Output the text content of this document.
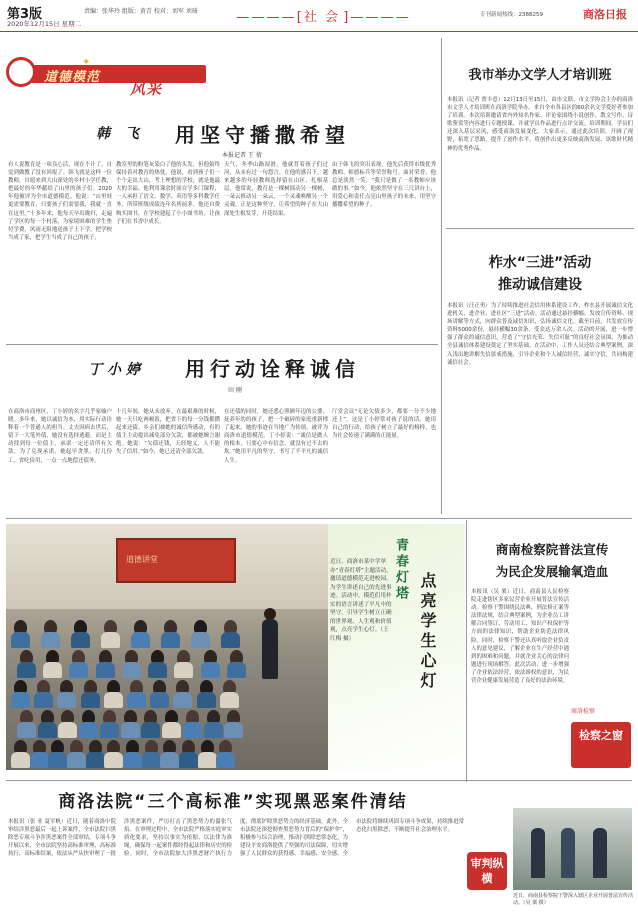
第3版
2020年12月15日 星期二
责编：张华玲 组版：黄青 校对：刘军 刘琦	— — — — [ 社 会 ] — — — —	专刊新闻热线：2388259	商洛日报
道德模范
✦
风采
韩 飞 用坚守播撒希望
本报记者 王 倩
有人说教育是一项良心活，现在不计了，自觉到做教了没有回报了。韩飞就是这样一位教师，自愿来到大山深处的乡村小学任教，把最好的年华献给了山里的孩子们。2020年他被评为全市道德模范。他说：“山里娃更需要教育，只要孩子们需要我，我就一直在这里。”十多年来，他每天早出晚归，走遍了学区的每一个村落，为家境困难的学生垫付学费，风雨无阻地送孩子上下学，把学校当成了家，把学生当成了自己的孩子。
教室里的粉笔灰染白了他的头发，但他始终保持着对教育的热忱。他说，看到孩子们一个个走出大山，考上理想的学校，就是他最大的幸福。他利用课余时间自学多门课程，一人承担了语文、数学、英语等多科教学任务，所带班级成绩连年名列前茅。他还自费购买图书，在学校建起了小小图书角，让孩子们在书香中成长。
天气，冬季山路湿滑，他就背着孩子们过河，从未有过一句怨言。在他的感召下，越来越多的年轻教师选择留在山区，扎根基层。他常说，教育是一棵树摇动另一棵树，一朵云推动另一朵云，一个灵魂唤醒另一个灵魂。正是这种坚守，让希望的种子在大山深处生根发芽，开花结果。
由于韩飞的突出表现，他先后获得市级优秀教师、师德标兵等荣誉称号。面对荣誉，他总是淡然一笑：“我只是做了一名教师应该做的事。”如今，他依然坚守在三尺讲台上，用爱心和责任点亮山里孩子的未来，用坚守播撒希望的种子。
丁小婷 用行动诠释诚信
田 刚
在商洛市商州区，丁小婷的名字几乎家喻户晓。多年来，她以诚信为本，用实际行动诠释着一个普通人的担当。丈夫因病去世后，留下一大笔外债，她没有选择逃避，而是主动找到每一位债主，承诺一定还清所有欠款。为了兑现承诺，她起早贪黑，打几份工，省吃俭用，一点一点地偿还债务。
十几年间，她从未放弃。在最艰难的时候，她一天只吃两顿饭，把省下的每一分钱都攒起来还债。乡亲们被她的诚信所感动，有的债主主动提出减免部分欠款，都被她婉言谢绝。她说：“欠债还钱，天经地义，人不能失了信用。”如今，她已还清全部欠款。
在还债的同时，她还悉心照顾年迈的公婆，抚养年幼的孩子，把一个破碎的家庭重新撑了起来。她的事迹在当地广为传颂，被评为商洛市道德模范。丁小婷说：“诚信是做人的根本，只要心中有信念，就没有过不去的坎。”她用平凡的坚守，书写了不平凡的诚信人生。
厅堂会议“无论欠债多少，都要一分不少地还上”，这是丁小婷常对孩子说的话。她用自己的行动，给孩子树立了最好的榜样，也为社会传递了满满的正能量。
我市举办文学人才培训班
本报讯（记者 贾丰意）12月13日至15日，由市文联、市文学协会主办的商洛市文学人才培训班在商洛学院举办。来自全市各县区的60余名文学爱好者参加了培训。本次培训邀请省内外知名作家、评论家围绕小说创作、散文写作、诗歌鉴赏等内容进行专题授课，并就学员作品进行点评交流。培训期间，学员们还深入基层采风，感受商洛发展变化。大家表示，通过此次培训，开阔了视野，拓宽了思路，提升了创作水平，将创作出更多反映商洛发展、讴歌时代精神的优秀作品。
柞水“三进”活动
推动诚信建设
本报讯（汪正勇）为了持续推进社会信用体系建设工作，柞水县开展诚信文化进机关、进企业、进社区“三进”活动。活动通过悬挂横幅、发放宣传资料、现场讲解等方式，向群众普及诚信知识，弘扬诚信文化。截至目前，共发放宣传资料5000余份，悬挂横幅30余条，受众达万余人次。活动的开展，进一步增强了群众的诚信意识，营造了“守信光荣、失信可耻”的良好社会氛围，为推动全县诚信体系建设奠定了坚实基础。在活动中，工作人员还结合典型案例，深入浅出地讲解失信惩戒措施，引导企业和个人诚信经营、诚实守信，共同构建诚信社会。
道德讲堂	青春灯塔
点亮学生心灯
近日，商洛市某中学举办“青春灯塔”主题活动，邀请道德模范走进校园，为学生讲述自己的先进事迹。活动中，模范们用朴实的语言讲述了平凡中的坚守，引导学生树立正确的世界观、人生观和价值观，点亮学生心灯。（王红梅 摄）
商南检察院普法宣传
为民企发展输氧造血
本报讯（吴 栗）近日，商南县人民检察院走进辖区多家民营企业开展普法宣传活动。检察干警围绕民法典、刑法修正案等法律法规，结合典型案例，为企业员工讲解合同签订、劳动用工、知识产权保护等方面的法律知识，帮助企业防范法律风险。同时，检察干警还认真听取企业负责人的意见建议，了解企业在生产经营中遇到的困难和问题，并就企业关心的法律问题进行现场解答。此次活动，进一步增强了企业依法经营、依法维权的意识，为民营企业健康发展营造了良好的法治环境。
商洛检察
检察之窗
商洛法院“三个高标准”实现黑恶案件清结
本报讯（张 亚 夏军帆）近日，随着商洛中院审结涉黑恶最后一起上诉案件，全市法院扫黑除恶专项斗争涉黑恶案件全部审结。专项斗争开展以来，全市法院坚持高标准审理、高标准执行、高标准结案，依法从严从快审理了一批涉黑恶案件，严厉打击了黑恶势力的嚣张气焰。在审理过程中，全市法院严格落实庭审实质化要求，坚持以事实为依据、以法律为准绳，确保每一起案件都经得起法律和历史的检验。同时，全市法院加大涉黑恶财产执行力度，彻底铲除黑恶势力的经济基础。此外，全市法院还深挖彻查黑恶势力背后的“保护伞”，积极参与综合治理，推动扫黑除恶常态化，为建设平安商洛提供了坚强的司法保障，切实增强了人民群众的获得感、幸福感、安全感。全市法院将继续巩固专项斗争成果，持续推进常态化扫黑除恶，不断提升社会治理水平。
审判纵横
近日，商南县检察院干警深入辖区企业开展普法宣传活动。（吴 栗 摄）
